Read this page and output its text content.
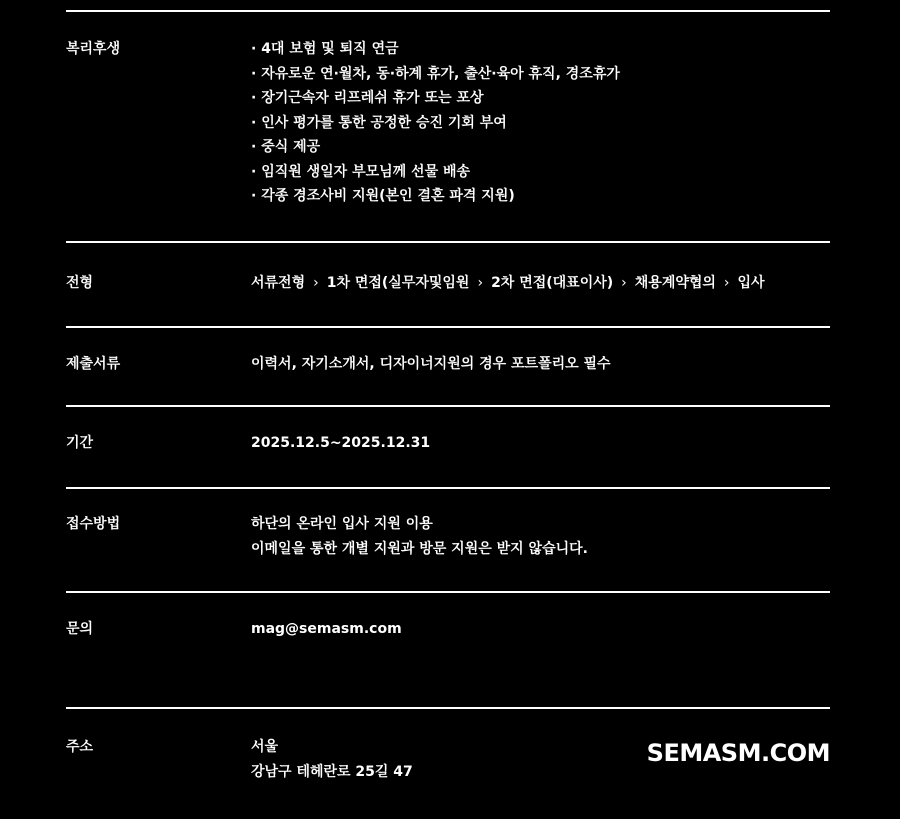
복리후생	· 4대 보험 및 퇴직 연금
· 자유로운 연·월차, 동·하계 휴가, 출산·육아 휴직, 경조휴가
· 장기근속자 리프레쉬 휴가 또는 포상
· 인사 평가를 통한 공정한 승진 기회 부여
· 중식 제공
· 임직원 생일자 부모님께 선물 배송
· 각종 경조사비 지원(본인 결혼 파격 지원)
전형	서류전형 › 1차 면접(실무자및임원 › 2차 면접(대표이사) › 채용계약협의 › 입사
제출서류	이력서, 자기소개서, 디자이너지원의 경우 포트폴리오 필수
기간	2025.12.5~2025.12.31
접수방법	하단의 온라인 입사 지원 이용
이메일을 통한 개별 지원과 방문 지원은 받지 않습니다.
문의	mag@semasm.com
주소	서울
강남구 테헤란로 25길 47
SEMASM.COM
